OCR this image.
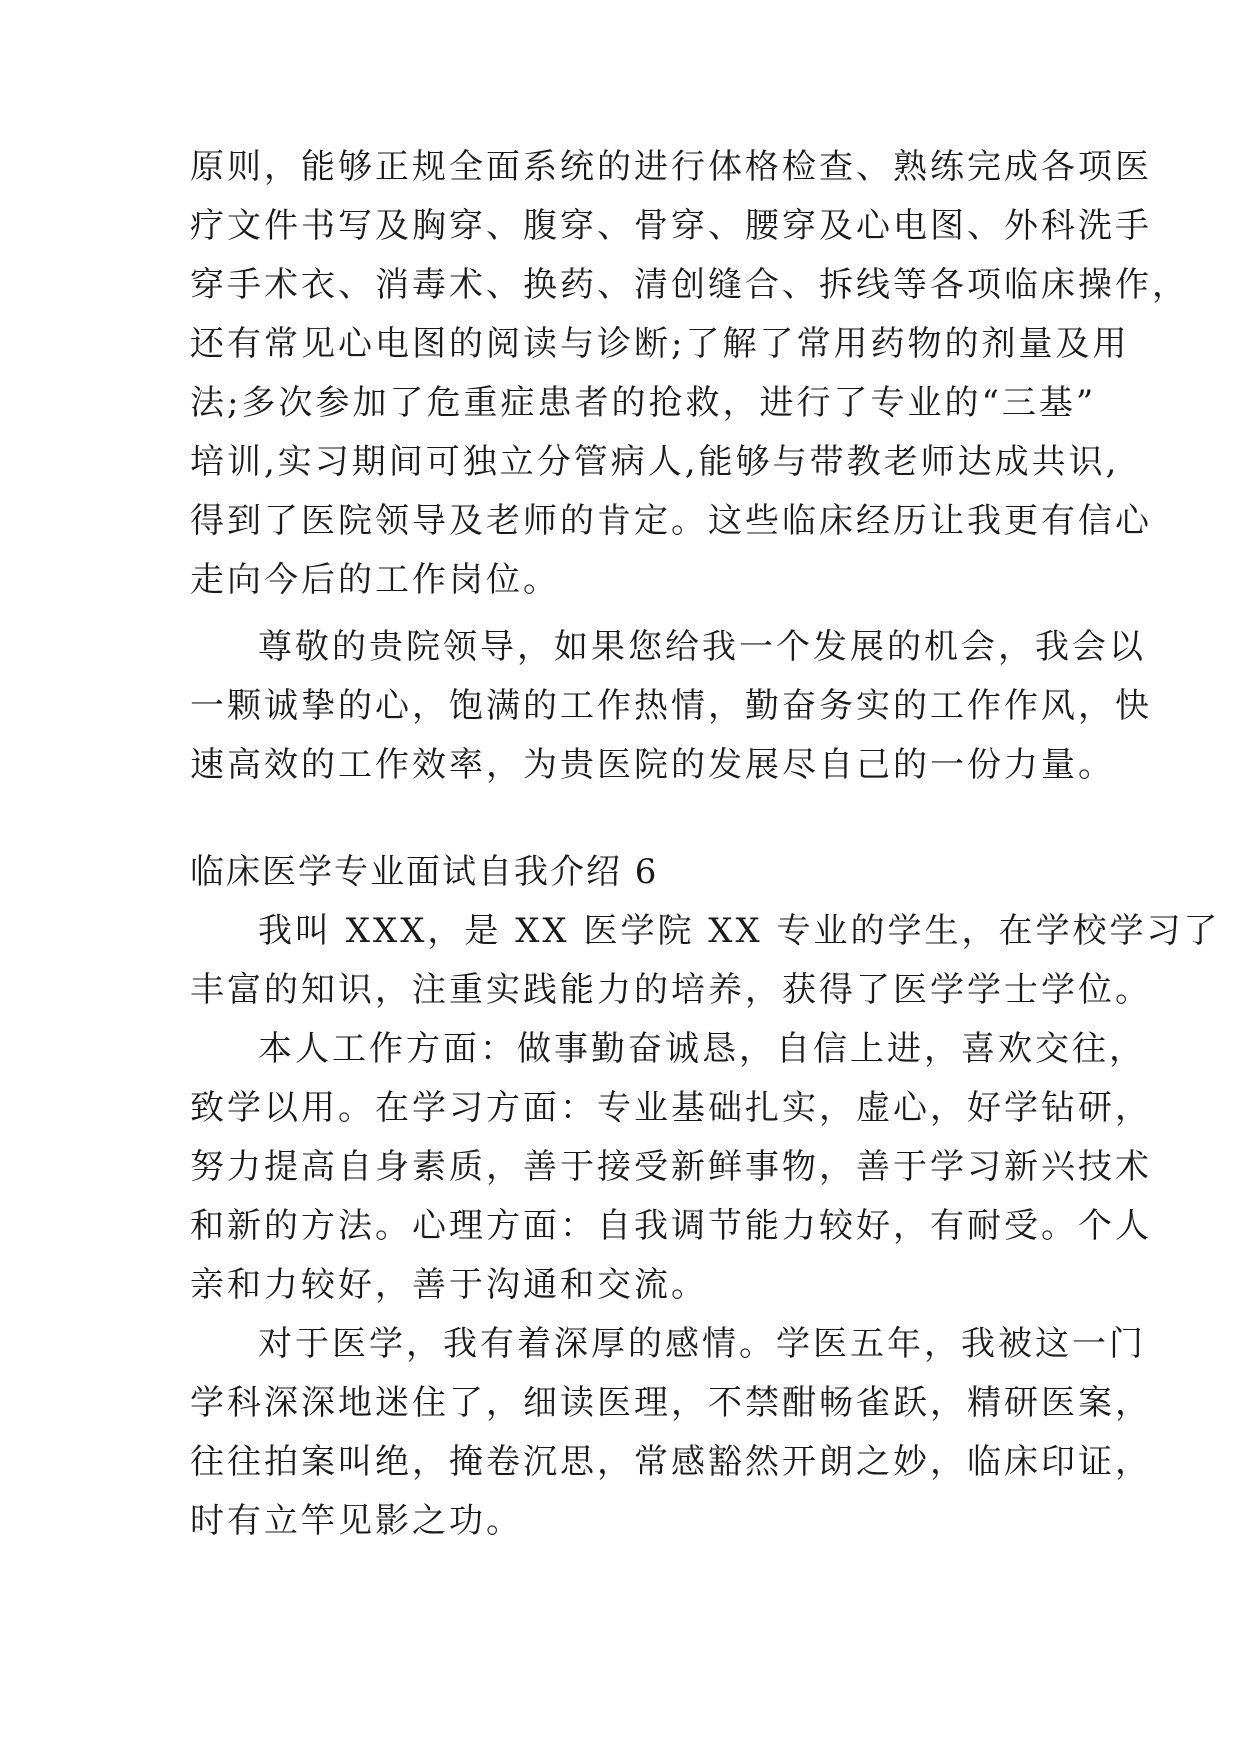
原则，能够正规全面系统的进行体格检查、熟练完成各项医
疗文件书写及胸穿、腹穿、骨穿、腰穿及心电图、外科洗手
穿手术衣、消毒术、换药、清创缝合、拆线等各项临床操作，
还有常见心电图的阅读与诊断;了解了常用药物的剂量及用
法;多次参加了危重症患者的抢救，进行了专业的“三基”
培训,实习期间可独立分管病人,能够与带教老师达成共识,
得到了医院领导及老师的肯定。这些临床经历让我更有信心
走向今后的工作岗位。
尊敬的贵院领导，如果您给我一个发展的机会，我会以
一颗诚挚的心，饱满的工作热情，勤奋务实的工作作风，快
速高效的工作效率，为贵医院的发展尽自己的一份力量。
临床医学专业面试自我介绍 6
我叫 XXX，是 XX 医学院 XX 专业的学生，在学校学习了
丰富的知识，注重实践能力的培养，获得了医学学士学位。
本人工作方面：做事勤奋诚恳，自信上进，喜欢交往，
致学以用。在学习方面：专业基础扎实，虚心，好学钻研，
努力提高自身素质，善于接受新鲜事物，善于学习新兴技术
和新的方法。心理方面：自我调节能力较好，有耐受。个人
亲和力较好，善于沟通和交流。
对于医学，我有着深厚的感情。学医五年，我被这一门
学科深深地迷住了，细读医理，不禁酣畅雀跃，精研医案，
往往拍案叫绝，掩卷沉思，常感豁然开朗之妙，临床印证，
时有立竿见影之功。
